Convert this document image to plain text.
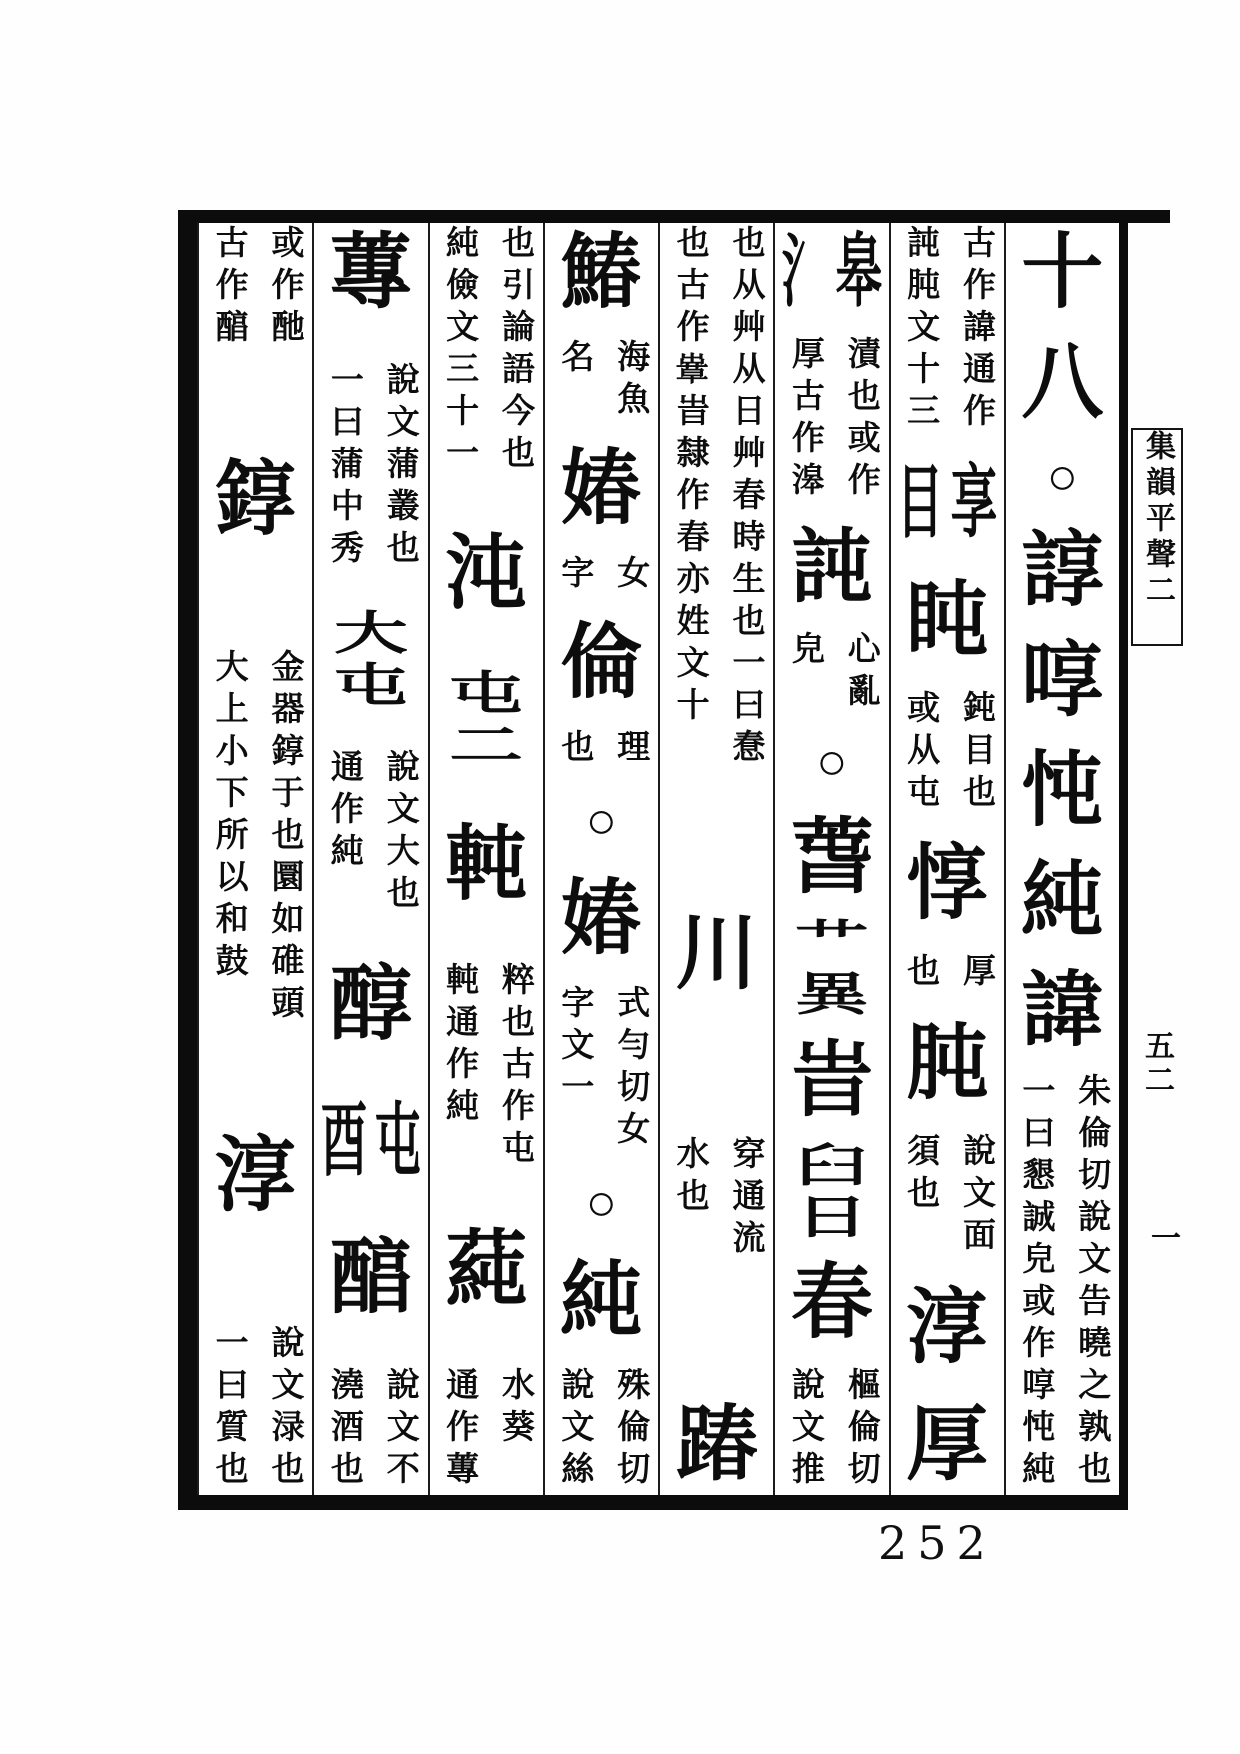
十
八
○
諄
啍
忳
純
諱
朱倫切說文告曉之孰也
一曰懇誠皃或作啍忳純
古作諱通作
訰肫文十三
目 享
盹
鈍目也
或从屯
惇
厚
也
肫
說文面
須也
淳
厚
氵 皋
漬也或作
厚古作滜
訰
心亂
皃
○
萅
艹
異
旹
臼
日
春
樞倫切
說文推
也从艸从日艸春時生也一曰惷
也古作𦸶旹隸作春亦姓文十
川
穿通流
水也
踳
鰆
海魚
名
媋
女
字
倫
理
也
○
媋
式勻切女
字文一
○
純
殊倫切
說文絲
也引論語今也
純儉文三十一
沌
屯
二
軘
粹也古作屯
軘通作純
蒓
水葵
通作蓴
蓴
說文蒲叢也
一曰蒲中秀
大
屯
說文大也
通作純
醇
酉 屯
醕
說文不
澆酒也
或作酏
古作醕
錞
金器錞于也圜如碓頭
大上小下所以和鼓
淳
說文渌也
一曰質也
集韻平聲二
五二
一
252
